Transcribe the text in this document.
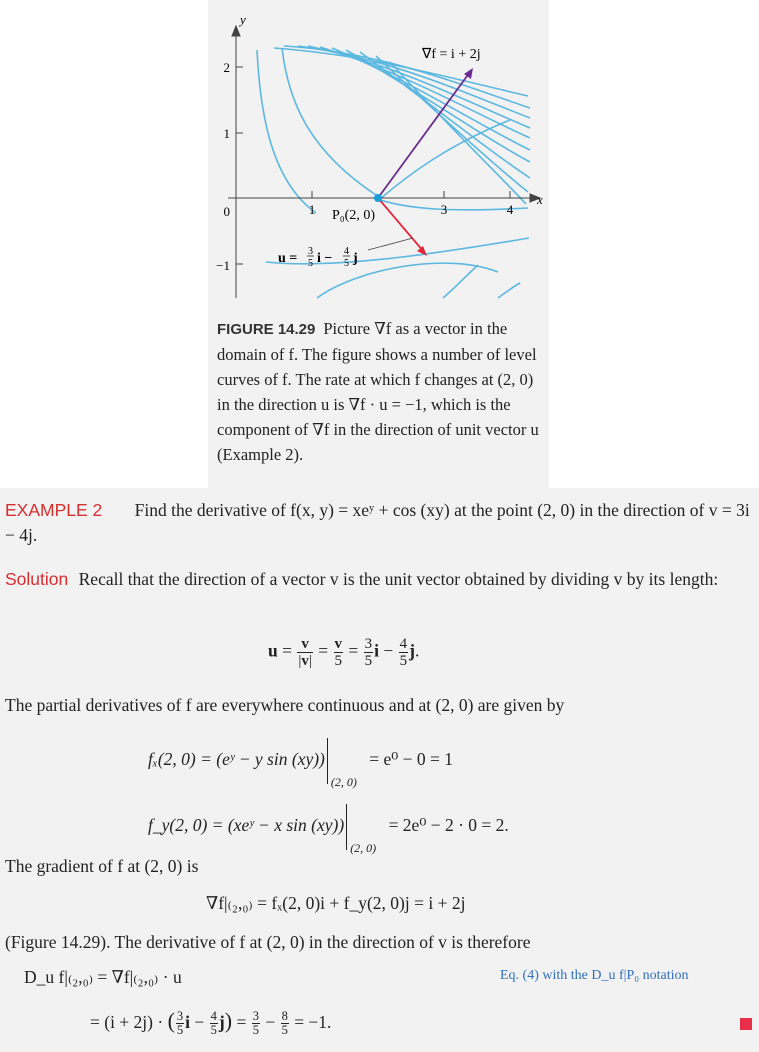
y
x
2
1
0
−1
1	3	4
∇f = i + 2j
P₀(2, 0)
u = 3
5 i − 4
5 j
FIGURE 14.29 Picture ∇f as a vector in the domain of f. The figure shows a number of level curves of f. The rate at which f changes at (2, 0) in the direction u is ∇f · u = −1, which is the component of ∇f in the direction of unit vector u (Example 2).
EXAMPLE 2 Find the derivative of f(x, y) = xeʸ + cos (xy) at the point (2, 0) in the direction of v = 3i − 4j.
Solution Recall that the direction of a vector v is the unit vector obtained by dividing v by its length:
$u = \frac{v}{|v|} = \frac{v}{5} = \frac{3}{5}$ $i - \frac{4}{5} j$.
The partial derivatives of f are everywhere continuous and at (2, 0) are given by
fₓ(2, 0) = (eʸ − y sin (xy))
(2, 0)
= e⁰ − 0 = 1
f_y(2, 0) = (xeʸ − x sin (xy))
(2, 0)
= 2e⁰ − 2 · 0 = 2.
The gradient of f at (2, 0) is
∇f|₍₂,₀₎ = fₓ(2, 0)i + f_y(2, 0)j = i + 2j
(Figure 14.29). The derivative of f at (2, 0) in the direction of v is therefore
D_u f|₍₂,₀₎ = ∇f|₍₂,₀₎ · u	Eq. (4) with the D_u f|P₀ notation
= (i + 2j) · ( $\frac{3}{5}$ $i - \frac{4}{5} j) = \frac{3}{5} - \frac{8}{5} = -1$.
